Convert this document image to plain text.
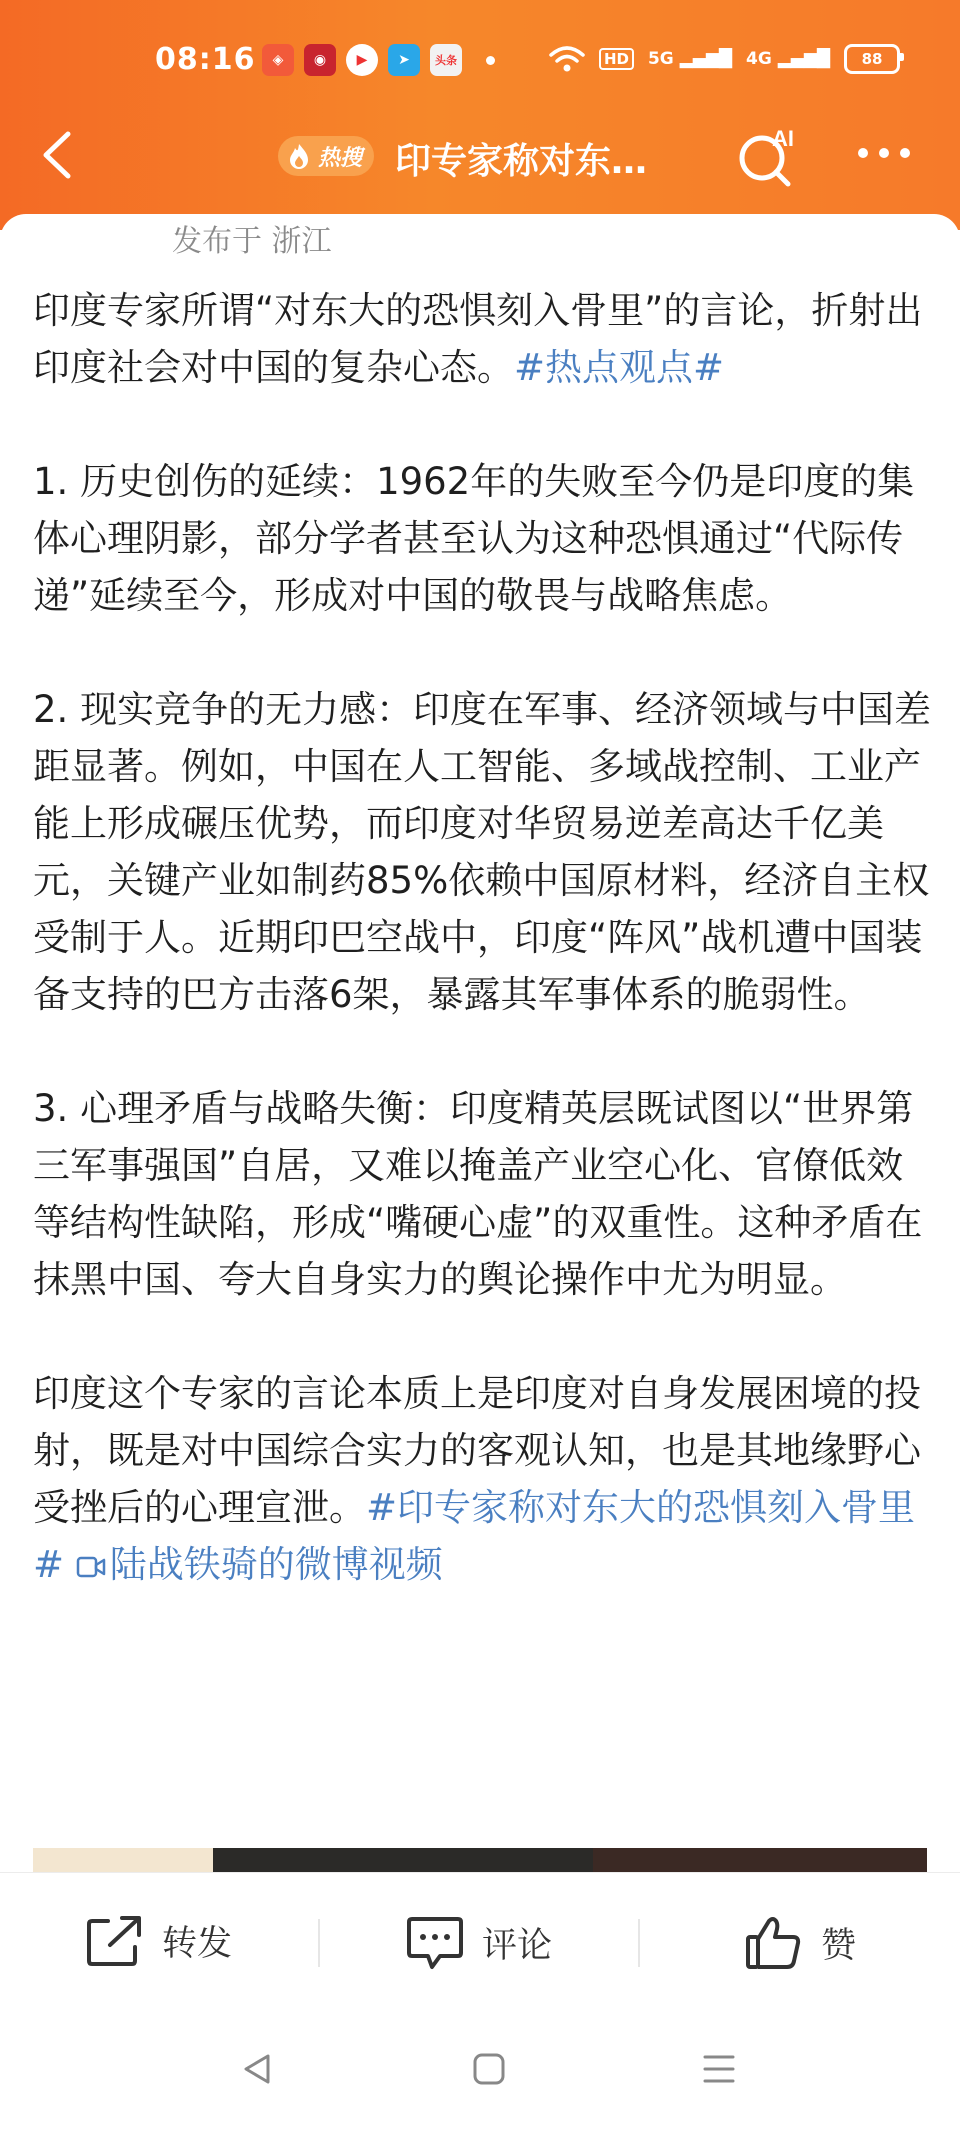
08:16	◈	◉	▶	➤	头条	HD 5G ▂▄▆█ 4G ▂▄▆█ 88
热搜 印专家称对东…
AI
发布于 浙江

印度专家所谓“对东大的恐惧刻入骨里”的言论，折射出印度社会对中国的复杂心态。#热点观点#

1. 历史创伤的延续：1962年的失败至今仍是印度的集体心理阴影，部分学者甚至认为这种恐惧通过“代际传递”延续至今，形成对中国的敬畏与战略焦虑。

2. 现实竞争的无力感：印度在军事、经济领域与中国差距显著。例如，中国在人工智能、多域战控制、工业产能上形成碾压优势，而印度对华贸易逆差高达千亿美元，关键产业如制药85%依赖中国原材料，经济自主权受制于人。近期印巴空战中，印度“阵风”战机遭中国装备支持的巴方击落6架，暴露其军事体系的脆弱性。

3. 心理矛盾与战略失衡：印度精英层既试图以“世界第三军事强国”自居，又难以掩盖产业空心化、官僚低效等结构性缺陷，形成“嘴硬心虚”的双重性。这种矛盾在抹黑中国、夸大自身实力的舆论操作中尤为明显。

印度这个专家的言论本质上是印度对自身发展困境的投射，既是对中国综合实力的客观认知，也是其地缘野心受挫后的心理宣泄。#印专家称对东大的恐惧刻入骨里# 陆战铁骑的微博视频

转发	评论	赞
